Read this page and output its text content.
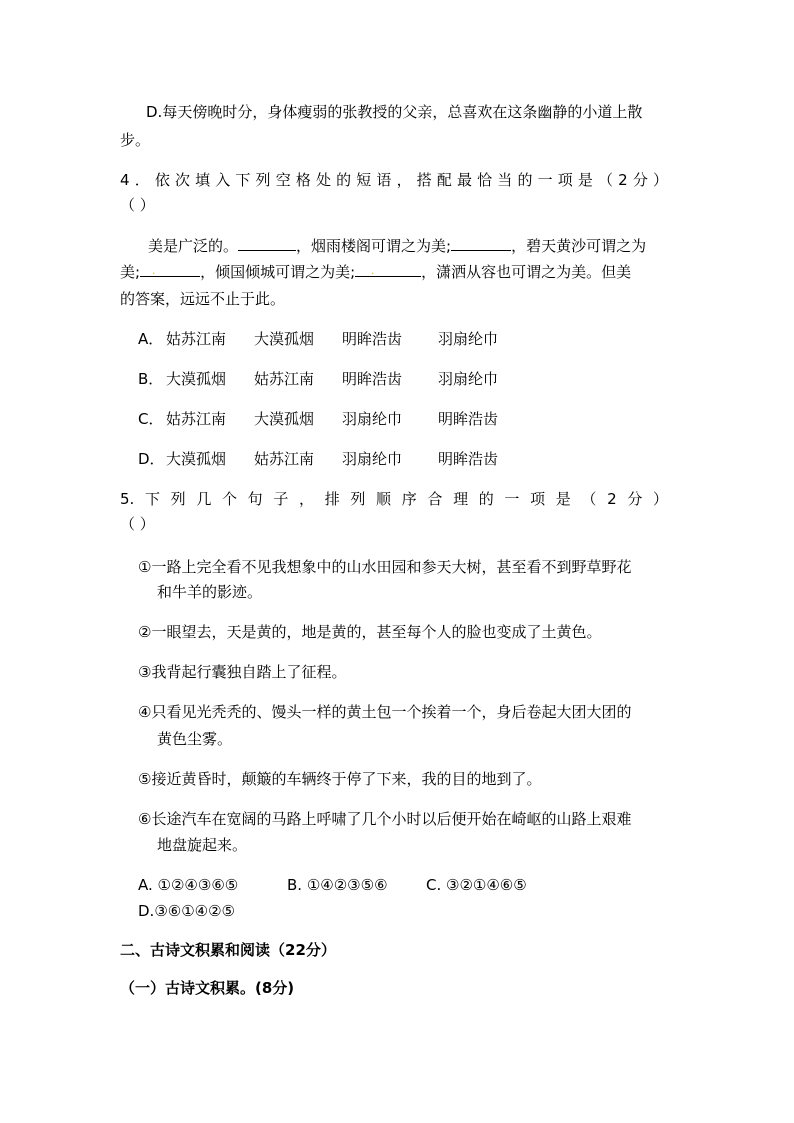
D.每天傍晚时分，身体瘦弱的张教授的父亲，总喜欢在这条幽静的小道上散
步。
4．依次填入下列空格处的短语，搭配最恰当的一项是（2分）
（ ）
美是广泛的。	，烟雨楼阁可谓之为美;	，碧天黄沙可谓之为
美; .	，倾国倾城可谓之为美; .	，潇洒从容也可谓之为美。但美
的答案，远远不止于此。
A． 姑苏江南 大漠孤烟 明眸浩齿 羽扇纶巾
B． 大漠孤烟 姑苏江南 明眸浩齿 羽扇纶巾
C． 姑苏江南 大漠孤烟 羽扇纶巾 明眸浩齿
D．大漠孤烟 姑苏江南 羽扇纶巾 明眸浩齿
5.下列几个句子，排列顺序合理的一项是（2分）
（ ）
①一路上完全看不见我想象中的山水田园和参天大树，甚至看不到野草野花
和牛羊的影迹。
②一眼望去，天是黄的，地是黄的，甚至每个人的脸也变成了土黄色。
③我背起行囊独自踏上了征程。
④只看见光秃秃的、馒头一样的黄土包一个挨着一个，身后卷起大团大团的
黄色尘雾。
⑤接近黄昏时，颠簸的车辆终于停了下来，我的目的地到了。
⑥长途汽车在宽阔的马路上呼啸了几个小时以后便开始在崎岖的山路上艰难
地盘旋起来。
A. ①②④③⑥⑤	B. ①④②③⑤⑥	C. ③②①④⑥⑤
D.③⑥①④②⑤
二、古诗文积累和阅读（22分）
（一）古诗文积累。(8分)
